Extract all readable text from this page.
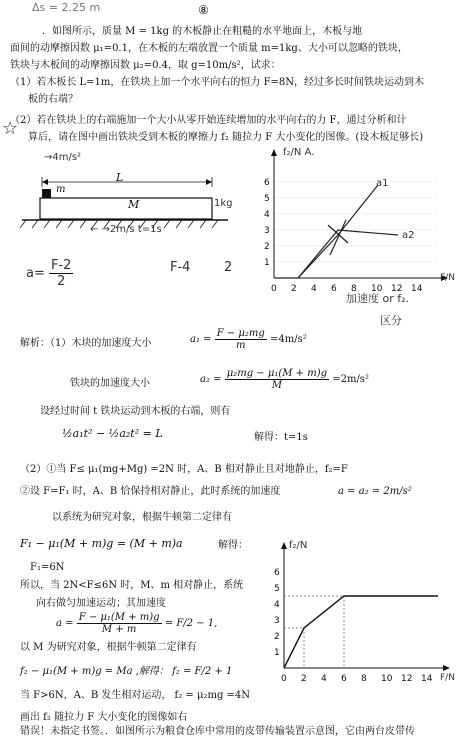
Δs = 2.25 m	⑧
．如图所示，质量 M = 1kg 的木板静止在粗糙的水平地面上，木板与地
面间的动摩擦因数 μ₁=0.1，在木板的左端放置一个质量 m=1kg、大小可以忽略的铁块，
铁块与木板间的动摩擦因数 μ₂=0.4，取 g=10m/s²，试求：
（1）若木板长 L=1m，在铁块上加一个水平向右的恒力 F=8N，经过多长时间铁块运动到木
板的右端？
☆
（2）若在铁块上的右端施加一个大小从零开始连续增加的水平向右的力 F，通过分析和计
算后，请在图中画出铁块受到木板的摩擦力 f₂ 随拉力 F 大小变化的图像。(设木板足够长)
m
L
M
→4m/s²
← →2m/s t=1s
1kg
$a= \frac{F-2}{2}$	F-4	2	1
2
3
4
5
6
0 2 4 6 8 10 12 14
f₂/N A.
F/N
a1
a2
加速度 or f₂.
区分
解析：（1）木块的加速度大小	$a_1 = \frac{\text{F − μ₂mg}}{m} =4m/s^2$
铁块的加速度大小	$a_2 = \frac{\text{μ₂mg − μ₁(M + m)g}}{M} =2m/s^2$
设经过时间 t 铁块运动到木板的右端，则有
½a₁t² − ½a₂t² = L	解得：t=1s
（2）①当 F≤ μ₁(mg+Mg) =2N 时，A、B 相对静止且对地静止，f₂=F
②设 F=F₁ 时，A、B 恰保持相对静止，此时系统的加速度	a = a₂ = 2m/s²
以系统为研究对象，根据牛顿第二定律有
F₁ − μ₁(M + m)g = (M + m)a	解得：
F₁=6N
所以，当 2N<F≤6N 时，M、m 相对静止，系统
向右做匀加速运动；其加速度
$a = \frac{\text{F − μ₁(M + m)g}}{M + m} = F/2 - 1$,
以 M 为研究对象，根据牛顿第二定律有
f₂ − μ₁(M + m)g = Ma ,解得： f₂ = F/2 + 1
当 F>6N，A、B 发生相对运动， f₂ = μ₂mg =4N
画出 f₂ 随拉力 F 大小变化的图像如右
错误！未指定书签。．如图所示为粮食仓库中常用的皮带传输装置示意图，它由两台皮带传
1
2
3
4
5
6
0 2 4 6 8 10 12 14
f₂/N
F/N
